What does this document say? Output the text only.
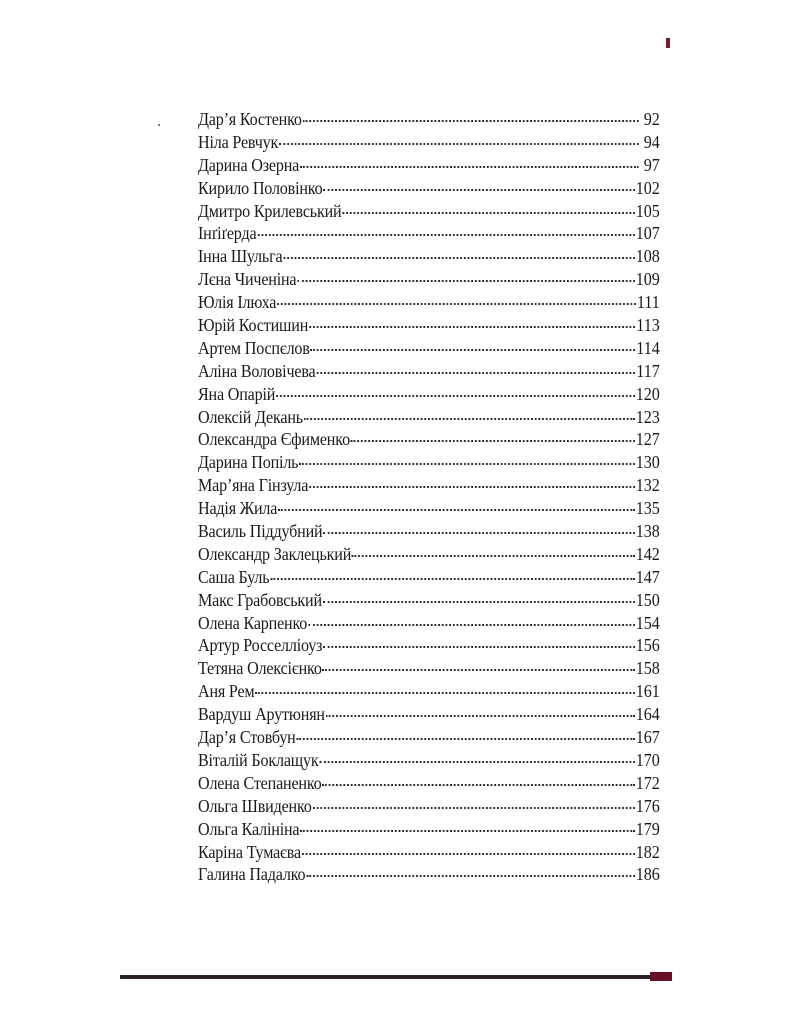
Дар’я Костенко	92
Ніла Ревчук	94
Дарина Озерна	97
Кирило Половінко	102
Дмитро Крилевський	105
Інґіґерда	107
Інна Шульга	108
Лєна Чиченіна	109
Юлія Ілюха	111
Юрій Костишин	113
Артем Поспєлов	114
Аліна Воловічева	117
Яна Опарій	120
Олексій Декань	123
Олександра Єфименко	127
Дарина Попіль	130
Мар’яна Гінзула	132
Надія Жила	135
Василь Піддубний	138
Олександр Заклецький	142
Саша Буль	147
Макс Грабовський	150
Олена Карпенко	154
Артур Росселліоуз	156
Тетяна Олексієнко	158
Аня Рем	161
Вардуш Арутюнян	164
Дар’я Стовбун	167
Віталій Боклащук	170
Олена Степаненко	172
Ольга Швиденко	176
Ольга Калініна	179
Каріна Тумаєва	182
Галина Падалко	186
